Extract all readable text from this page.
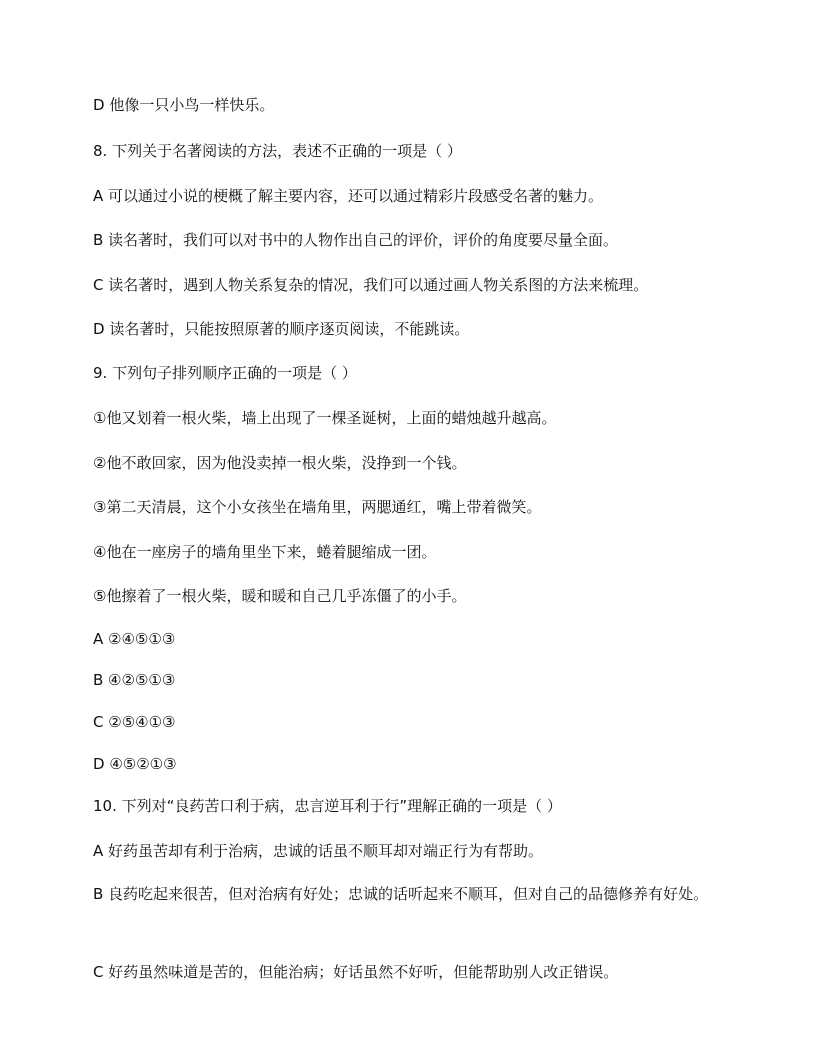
D 他像一只小鸟一样快乐。
8. 下列关于名著阅读的方法，表述不正确的一项是（ ）
A 可以通过小说的梗概了解主要内容，还可以通过精彩片段感受名著的魅力。
B 读名著时，我们可以对书中的人物作出自己的评价，评价的角度要尽量全面。
C 读名著时，遇到人物关系复杂的情况，我们可以通过画人物关系图的方法来梳理。
D 读名著时，只能按照原著的顺序逐页阅读，不能跳读。
9. 下列句子排列顺序正确的一项是（ ）
①他又划着一根火柴，墙上出现了一棵圣诞树，上面的蜡烛越升越高。
②他不敢回家，因为他没卖掉一根火柴，没挣到一个钱。
③第二天清晨，这个小女孩坐在墙角里，两腮通红，嘴上带着微笑。
④他在一座房子的墙角里坐下来，蜷着腿缩成一团。
⑤他擦着了一根火柴，暖和暖和自己几乎冻僵了的小手。
A ②④⑤①③
B ④②⑤①③
C ②⑤④①③
D ④⑤②①③
10. 下列对“良药苦口利于病，忠言逆耳利于行”理解正确的一项是（ ）
A 好药虽苦却有利于治病，忠诚的话虽不顺耳却对端正行为有帮助。
B 良药吃起来很苦，但对治病有好处；忠诚的话听起来不顺耳，但对自己的品德修养有好处。
C 好药虽然味道是苦的，但能治病；好话虽然不好听，但能帮助别人改正错误。
